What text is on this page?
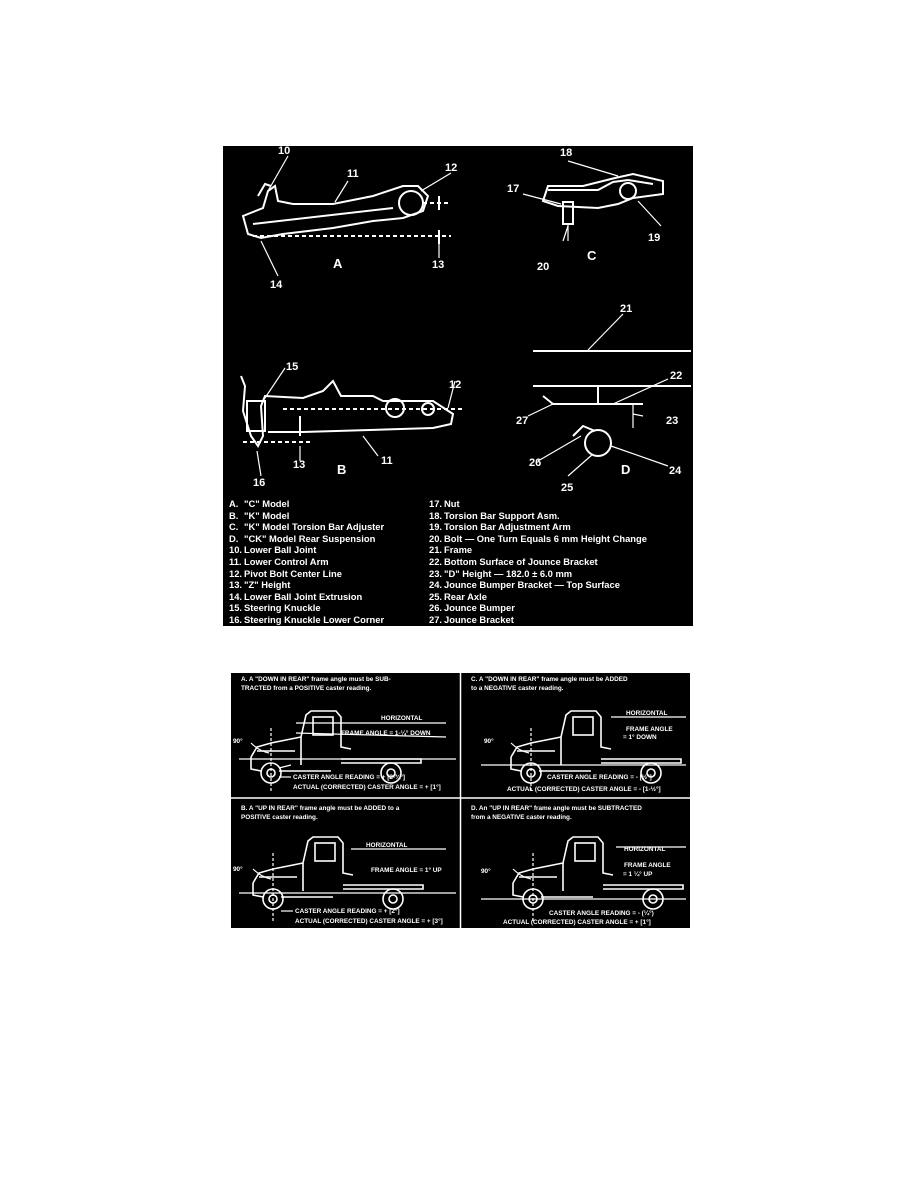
10
11	12
13
14
A
18
17
19
20
C
21
15
12
13	11
16
B
22
27	23
26
24
25
D
A. "C" Model
B. "K" Model
C. "K" Model Torsion Bar Adjuster
D. "CK" Model Rear Suspension
10. Lower Ball Joint
11. Lower Control Arm
12. Pivot Bolt Center Line
13. "Z" Height
14. Lower Ball Joint Extrusion
15. Steering Knuckle
16. Steering Knuckle Lower Corner
17. Nut
18. Torsion Bar Support Asm.
19. Torsion Bar Adjustment Arm
20. Bolt — One Turn Equals 6 mm Height Change
21. Frame
22. Bottom Surface of Jounce Bracket
23. "D" Height — 182.0 ± 6.0 mm
24. Jounce Bumper Bracket — Top Surface
25. Rear Axle
26. Jounce Bumper
27. Jounce Bracket
A. A "DOWN IN REAR" frame angle must be SUB-
TRACTED from a POSITIVE caster reading.
HORIZONTAL
FRAME ANGLE = 1-¼° DOWN
90°
CASTER ANGLE READING = + [2-¾°]
ACTUAL (CORRECTED) CASTER ANGLE = + [1°]
C. A "DOWN IN REAR" frame angle must be ADDED
to a NEGATIVE caster reading.
HORIZONTAL
FRAME ANGLE
= 1° DOWN
90°
CASTER ANGLE READING = - [½°]
ACTUAL (CORRECTED) CASTER ANGLE = - [1-½°]
B. A "UP IN REAR" frame angle must be ADDED to a
POSITIVE caster reading.
HORIZONTAL
FRAME ANGLE = 1° UP
90°
CASTER ANGLE READING = + [2°]
ACTUAL (CORRECTED) CASTER ANGLE = + [3°]
D. An "UP IN REAR" frame angle must be SUBTRACTED
from a NEGATIVE caster reading.
HORIZONTAL
FRAME ANGLE
= 1 ¼° UP
90°
CASTER ANGLE READING = - (¼°)
ACTUAL (CORRECTED) CASTER ANGLE = + [1°]
